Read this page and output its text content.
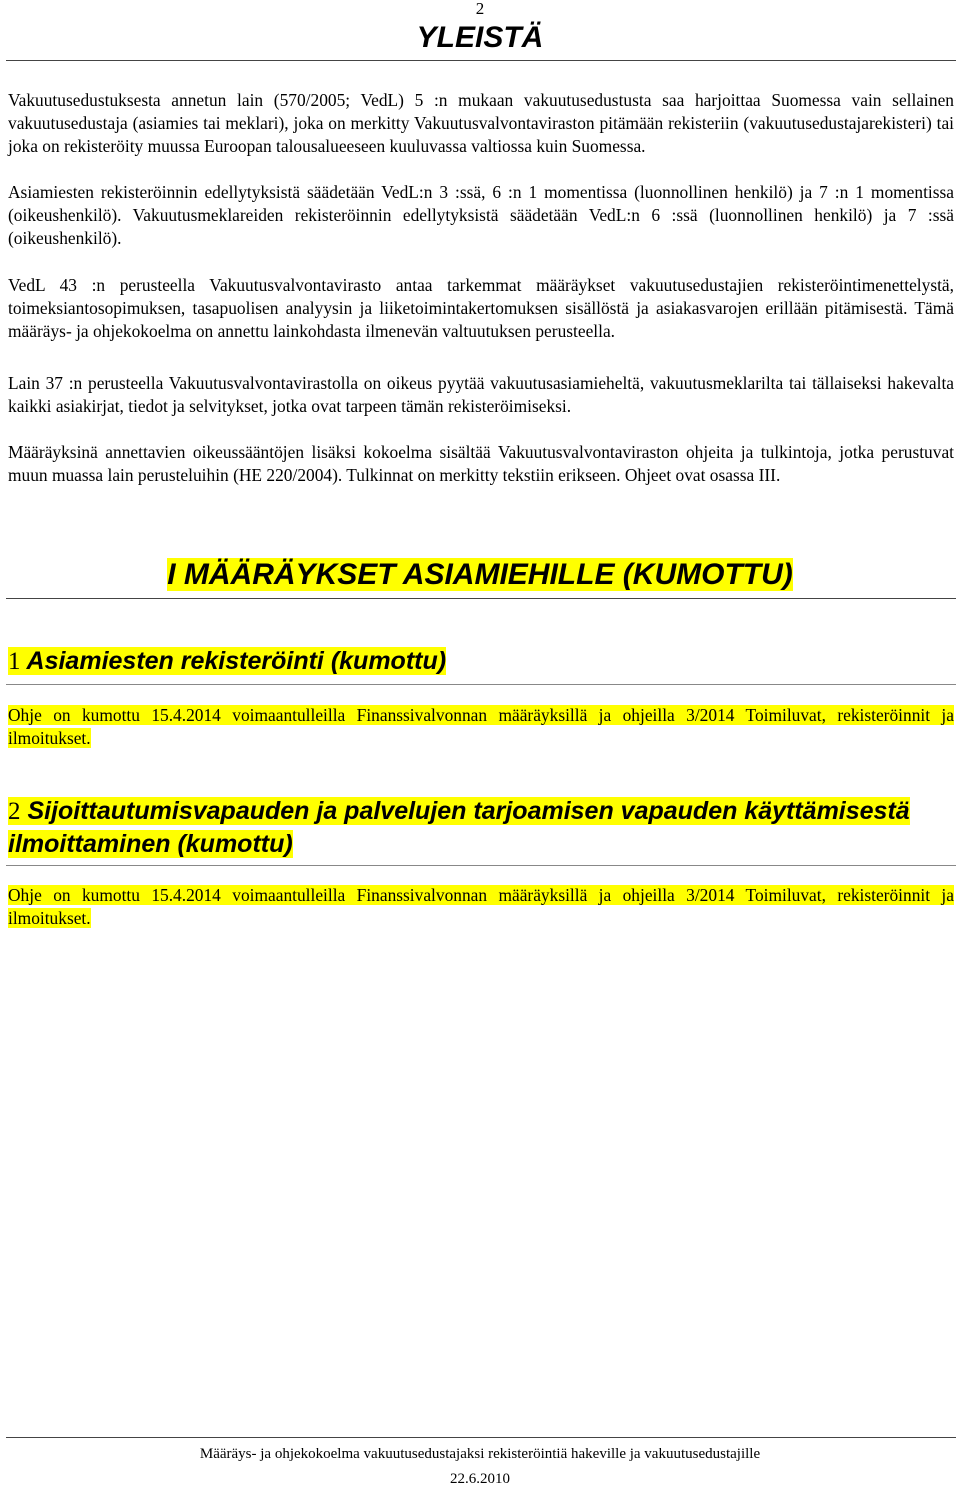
2
YLEISTÄ

Vakuutusedustuksesta annetun lain (570/2005; VedL) 5 :n mukaan vakuutusedustusta saa harjoittaa Suomessa vain sellainen vakuutusedustaja (asiamies tai meklari), joka on merkitty Vakuutusvalvontaviraston pitämään rekisteriin (vakuutusedustajarekisteri) tai joka on rekisteröity muussa Euroopan talousalueeseen kuuluvassa valtiossa kuin Suomessa.

Asiamiesten rekisteröinnin edellytyksistä säädetään VedL:n 3 :ssä, 6 :n 1 momentissa (luonnollinen henkilö) ja 7 :n 1 momentissa (oikeushenkilö). Vakuutusmeklareiden rekisteröinnin edellytyksistä säädetään VedL:n 6 :ssä (luonnollinen henkilö) ja 7 :ssä (oikeushenkilö).

VedL 43 :n perusteella Vakuutusvalvontavirasto antaa tarkemmat määräykset vakuutusedustajien rekisteröintimenettelystä, toimeksiantosopimuksen, tasapuolisen analyysin ja liiketoimintakertomuksen sisällöstä ja asiakasvarojen erillään pitämisestä. Tämä määräys- ja ohjekokoelma on annettu lainkohdasta ilmenevän valtuutuksen perusteella.

Lain 37 :n perusteella Vakuutusvalvontavirastolla on oikeus pyytää vakuutusasiamieheltä, vakuutusmeklarilta tai tällaiseksi hakevalta kaikki asiakirjat, tiedot ja selvitykset, jotka ovat tarpeen tämän rekisteröimiseksi.

Määräyksinä annettavien oikeussääntöjen lisäksi kokoelma sisältää Vakuutusvalvontaviraston ohjeita ja tulkintoja, jotka perustuvat muun muassa lain perusteluihin (HE 220/2004). Tulkinnat on merkitty tekstiin erikseen. Ohjeet ovat osassa III.

I MÄÄRÄYKSET ASIAMIEHILLE (KUMOTTU)
1 Asiamiesten rekisteröinti (kumottu)

Ohje on kumottu 15.4.2014 voimaantulleilla Finanssivalvonnan määräyksillä ja ohjeilla 3/2014 Toimiluvat, rekisteröinnit ja ilmoitukset.

2 Sijoittautumisvapauden ja palvelujen tarjoamisen vapauden käyttämisestä ilmoittaminen (kumottu)

Ohje on kumottu 15.4.2014 voimaantulleilla Finanssivalvonnan määräyksillä ja ohjeilla 3/2014 Toimiluvat, rekisteröinnit ja ilmoitukset.

Määräys- ja ohjekokoelma vakuutusedustajaksi rekisteröintiä hakeville ja vakuutusedustajille

22.6.2010
